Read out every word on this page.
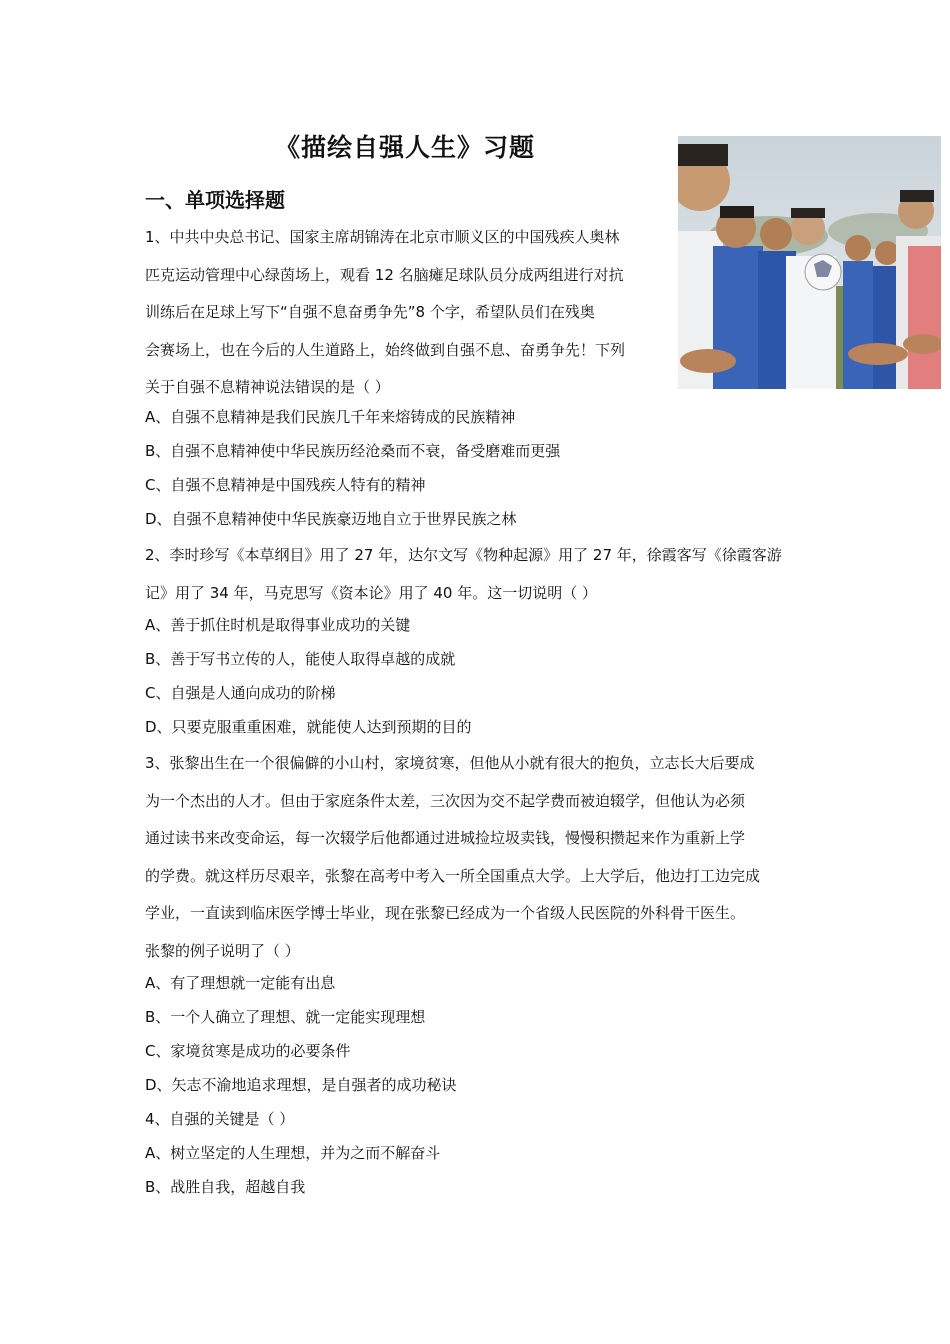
《描绘自强人生》习题
一、单项选择题
1、中共中央总书记、国家主席胡锦涛在北京市顺义区的中国残疾人奥林
匹克运动管理中心绿茵场上，观看 12 名脑瘫足球队员分成两组进行对抗
训练后在足球上写下“自强不息奋勇争先”8 个字，希望队员们在残奥
会赛场上，也在今后的人生道路上，始终做到自强不息、奋勇争先！下列
关于自强不息精神说法错误的是（ ）
A、自强不息精神是我们民族几千年来熔铸成的民族精神
B、自强不息精神使中华民族历经沧桑而不衰，备受磨难而更强
C、自强不息精神是中国残疾人特有的精神
D、自强不息精神使中华民族豪迈地自立于世界民族之林
2、李时珍写《本草纲目》用了 27 年，达尔文写《物种起源》用了 27 年，徐霞客写《徐霞客游
记》用了 34 年，马克思写《资本论》用了 40 年。这一切说明（ ）
A、善于抓住时机是取得事业成功的关键
B、善于写书立传的人，能使人取得卓越的成就
C、自强是人通向成功的阶梯
D、只要克服重重困难，就能使人达到预期的目的
3、张黎出生在一个很偏僻的小山村，家境贫寒，但他从小就有很大的抱负，立志长大后要成
为一个杰出的人才。但由于家庭条件太差，三次因为交不起学费而被迫辍学，但他认为必须
通过读书来改变命运，每一次辍学后他都通过进城捡垃圾卖钱，慢慢积攒起来作为重新上学
的学费。就这样历尽艰辛，张黎在高考中考入一所全国重点大学。上大学后，他边打工边完成
学业，一直读到临床医学博士毕业，现在张黎已经成为一个省级人民医院的外科骨干医生。
张黎的例子说明了（ ）
A、有了理想就一定能有出息
B、一个人确立了理想、就一定能实现理想
C、家境贫寒是成功的必要条件
D、矢志不渝地追求理想，是自强者的成功秘诀
4、自强的关键是（ ）
A、树立坚定的人生理想，并为之而不解奋斗
B、战胜自我，超越自我
